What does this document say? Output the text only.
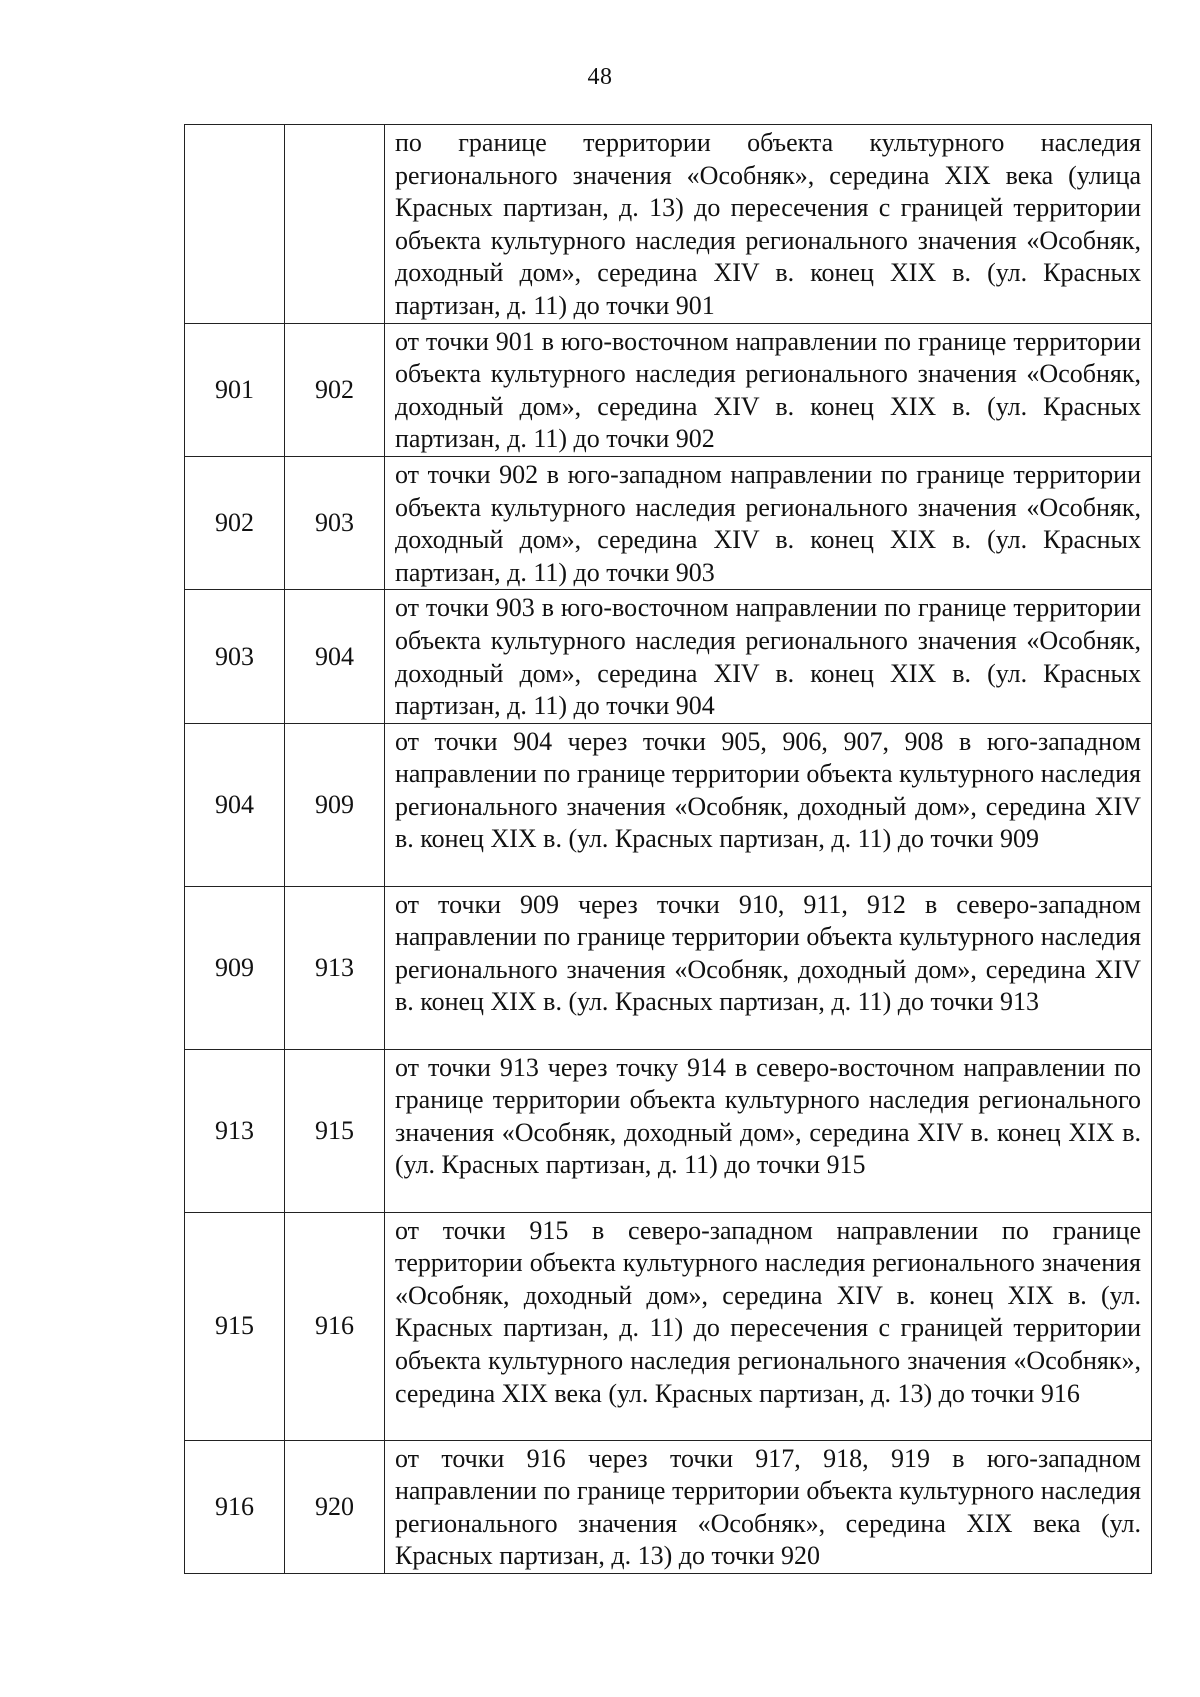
48
		по границе территории объекта культурного наследия регионального значения «Особняк», середина XIX века (улица Красных партизан, д. 13) до пересечения с границей территории объекта культурного наследия регионального значения «Особняк, доходный дом», середина XIV в. конец XIX в. (ул. Красных партизан, д. 11) до точки 901
901	902	от точки 901 в юго-восточном направлении по границе территории объекта культурного наследия регионального значения «Особняк, доходный дом», середина XIV в. конец XIX в. (ул. Красных партизан, д. 11) до точки 902
902	903	от точки 902 в юго-западном направлении по границе территории объекта культурного наследия регионального значения «Особняк, доходный дом», середина XIV в. конец XIX в. (ул. Красных партизан, д. 11) до точки 903
903	904	от точки 903 в юго-восточном направлении по границе территории объекта культурного наследия регионального значения «Особняк, доходный дом», середина XIV в. конец XIX в. (ул. Красных партизан, д. 11) до точки 904
904	909	от точки 904 через точки 905, 906, 907, 908 в юго-западном направлении по границе территории объекта культурного наследия регионального значения «Особняк, доходный дом», середина XIV в. конец XIX в. (ул. Красных партизан, д. 11) до точки 909
909	913	от точки 909 через точки 910, 911, 912 в северо-западном направлении по границе территории объекта культурного наследия регионального значения «Особняк, доходный дом», середина XIV в. конец XIX в. (ул. Красных партизан, д. 11) до точки 913
913	915	от точки 913 через точку 914 в северо-восточном направлении по границе территории объекта культурного наследия регионального значения «Особняк, доходный дом», середина XIV в. конец XIX в. (ул. Красных партизан, д. 11) до точки 915
915	916	от точки 915 в северо-западном направлении по границе территории объекта культурного наследия регионального значения «Особняк, доходный дом», середина XIV в. конец XIX в. (ул. Красных партизан, д. 11) до пересечения с границей территории объекта культурного наследия регионального значения «Особняк», середина XIX века (ул. Красных партизан, д. 13) до точки 916
916	920	от точки 916 через точки 917, 918, 919 в юго-западном направлении по границе территории объекта культурного наследия регионального значения «Особняк», середина XIX века (ул. Красных партизан, д. 13) до точки 920
